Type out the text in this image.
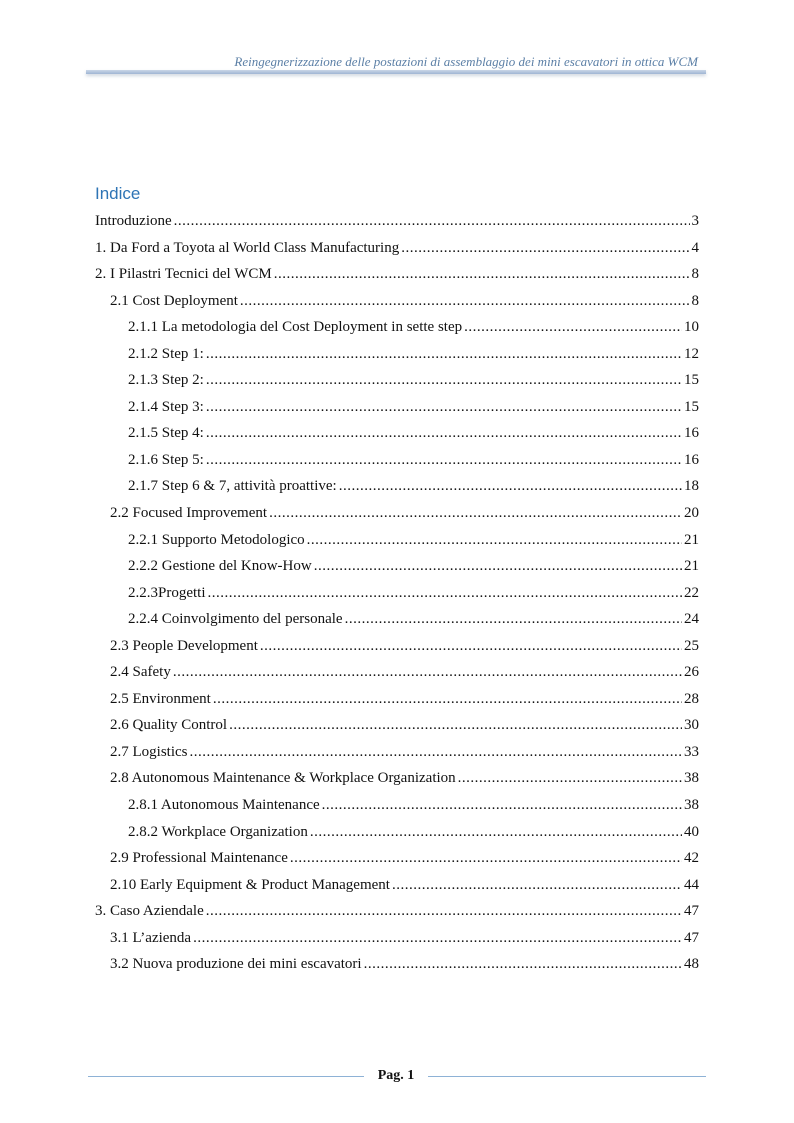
Reingegnerizzazione delle postazioni di assemblaggio dei mini escavatori in ottica WCM
Indice
Introduzione .....	3
1. Da Ford a Toyota al World Class Manufacturing .....	4
2. I Pilastri Tecnici del WCM .....	8
2.1 Cost Deployment .....	8
2.1.1 La metodologia del Cost Deployment in sette step .....	10
2.1.2 Step 1: .....	12
2.1.3 Step 2: .....	15
2.1.4 Step 3: .....	15
2.1.5 Step 4: .....	16
2.1.6 Step 5: .....	16
2.1.7 Step 6 & 7, attività proattive: .....	18
2.2 Focused Improvement .....	20
2.2.1 Supporto Metodologico .....	21
2.2.2 Gestione del Know-How .....	21
2.2.3Progetti .....	22
2.2.4 Coinvolgimento del personale .....	24
2.3 People Development .....	25
2.4 Safety .....	26
2.5 Environment .....	28
2.6 Quality Control .....	30
2.7 Logistics .....	33
2.8 Autonomous Maintenance & Workplace Organization .....	38
2.8.1 Autonomous Maintenance .....	38
2.8.2 Workplace Organization .....	40
2.9 Professional Maintenance .....	42
2.10 Early Equipment & Product Management .....	44
3. Caso Aziendale .....	47
3.1 L’azienda .....	47
3.2 Nuova produzione dei mini escavatori .....	48
Pag. 1
